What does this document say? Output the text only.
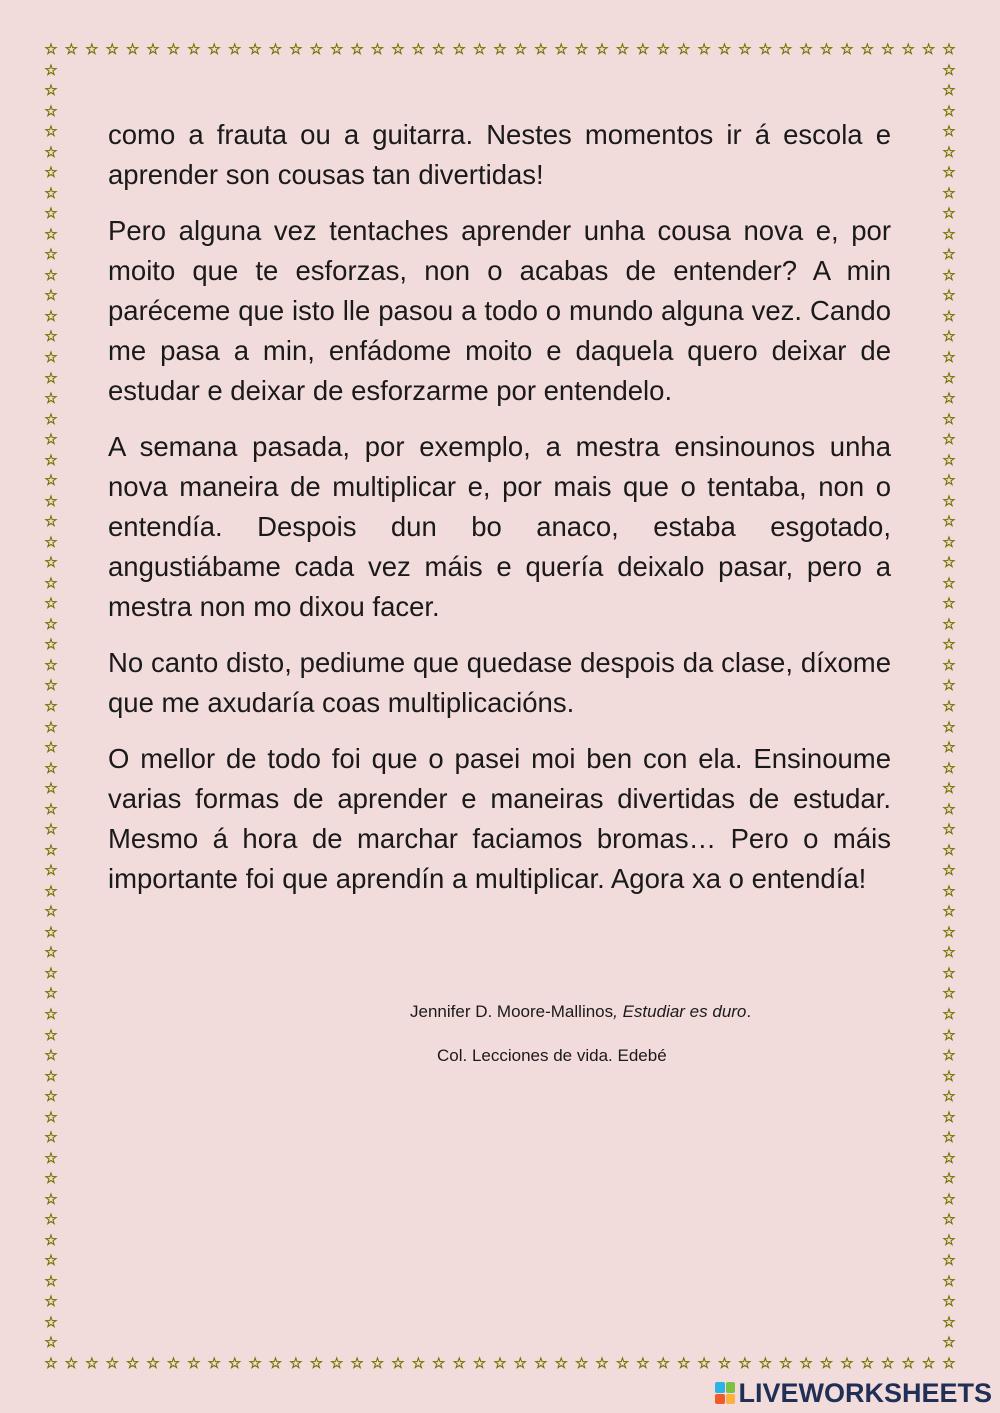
☆
☆
☆
☆
☆
☆
☆
☆
☆
☆
☆
☆
☆
☆
☆
☆
☆
☆
☆
☆
☆
☆
☆
☆
☆
☆
☆
☆
☆
☆
☆
☆
☆
☆
☆
☆
☆
☆
☆
☆
☆
☆
☆
☆
☆
☆
☆
☆
☆
☆
☆
☆
☆
☆
☆
☆
☆
☆
☆
☆
☆
☆
☆
☆
☆
☆
☆
☆
☆
☆
☆
☆
☆
☆
☆
☆
☆
☆
☆
☆
☆
☆
☆
☆
☆
☆
☆
☆
☆
☆
☆	☆
☆	☆
☆	☆
☆	☆
☆	☆
☆	☆
☆	☆
☆	☆
☆	☆
☆	☆
☆	☆
☆	☆
☆	☆
☆	☆
☆	☆
☆	☆
☆	☆
☆	☆
☆	☆
☆	☆
☆	☆
☆	☆
☆	☆
☆	☆
☆	☆
☆	☆
☆	☆
☆	☆
☆	☆
☆	☆
☆	☆
☆	☆
☆	☆
☆	☆
☆	☆
☆	☆
☆	☆
☆	☆
☆	☆
☆	☆
☆	☆
☆	☆
☆	☆
☆	☆
☆	☆
☆	☆
☆	☆
☆	☆
☆	☆
☆	☆
☆	☆
☆	☆
☆	☆
☆	☆
☆	☆
☆	☆
☆	☆
☆	☆
☆	☆
☆	☆
☆	☆
☆	☆
☆	☆

como a frauta ou a guitarra. Nestes momentos ir á escola e aprender son cousas tan divertidas!

Pero alguna vez tentaches aprender unha cousa nova e, por moito que te esforzas, non o acabas de entender? A min paréceme que isto lle pasou a todo o mundo alguna vez. Cando me pasa a min, enfádome moito e daquela quero deixar de estudar e deixar de esforzarme por entendelo.

A semana pasada, por exemplo, a mestra ensinounos unha nova maneira de multiplicar e, por mais que o tentaba, non o entendía. Despois dun bo anaco, estaba esgotado, angustiábame cada vez máis e quería deixalo pasar, pero a mestra non mo dixou facer.

No canto disto, pediume que quedase despois da clase, díxome que me axudaría coas multiplicacións.

O mellor de todo foi que o pasei moi ben con ela. Ensinoume varias formas de aprender e maneiras divertidas de estudar. Mesmo á hora de marchar faciamos bromas… Pero o máis importante foi que aprendín a multiplicar. Agora xa o entendía!

Jennifer D. Moore-Mallinos, Estudiar es duro.
Col. Lecciones de vida. Edebé
LIVEWORKSHEETS
